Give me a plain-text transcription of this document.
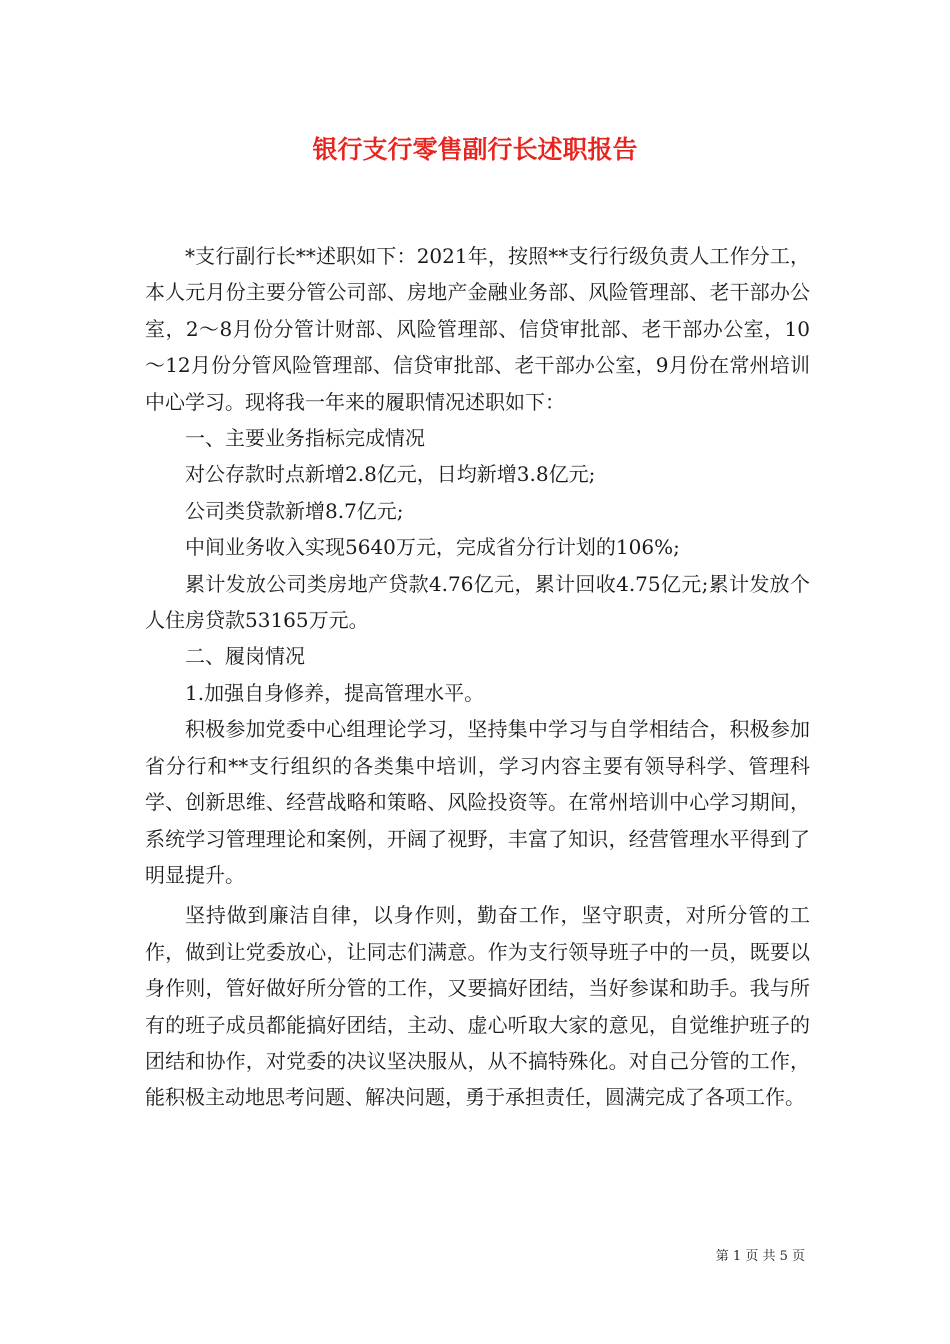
银行支行零售副行长述职报告

*支行副行长**述职如下：2021年，按照**支行行级负责人工作分工，本人元月份主要分管公司部、房地产金融业务部、风险管理部、老干部办公室，2～8月份分管计财部、风险管理部、信贷审批部、老干部办公室，10～12月份分管风险管理部、信贷审批部、老干部办公室，9月份在常州培训中心学习。现将我一年来的履职情况述职如下：

一、主要业务指标完成情况

对公存款时点新增2.8亿元，日均新增3.8亿元;

公司类贷款新增8.7亿元;

中间业务收入实现5640万元，完成省分行计划的106%;

累计发放公司类房地产贷款4.76亿元，累计回收4.75亿元;累计发放个人住房贷款53165万元。

二、履岗情况

1.加强自身修养，提高管理水平。

积极参加党委中心组理论学习，坚持集中学习与自学相结合，积极参加省分行和**支行组织的各类集中培训，学习内容主要有领导科学、管理科学、创新思维、经营战略和策略、风险投资等。在常州培训中心学习期间，系统学习管理理论和案例，开阔了视野，丰富了知识，经营管理水平得到了明显提升。

坚持做到廉洁自律，以身作则，勤奋工作，坚守职责，对所分管的工作，做到让党委放心，让同志们满意。作为支行领导班子中的一员，既要以身作则，管好做好所分管的工作，又要搞好团结，当好参谋和助手。我与所有的班子成员都能搞好团结，主动、虚心听取大家的意见，自觉维护班子的团结和协作，对党委的决议坚决服从，从不搞特殊化。对自己分管的工作，能积极主动地思考问题、解决问题，勇于承担责任，圆满完成了各项工作。

第 1 页 共 5 页
